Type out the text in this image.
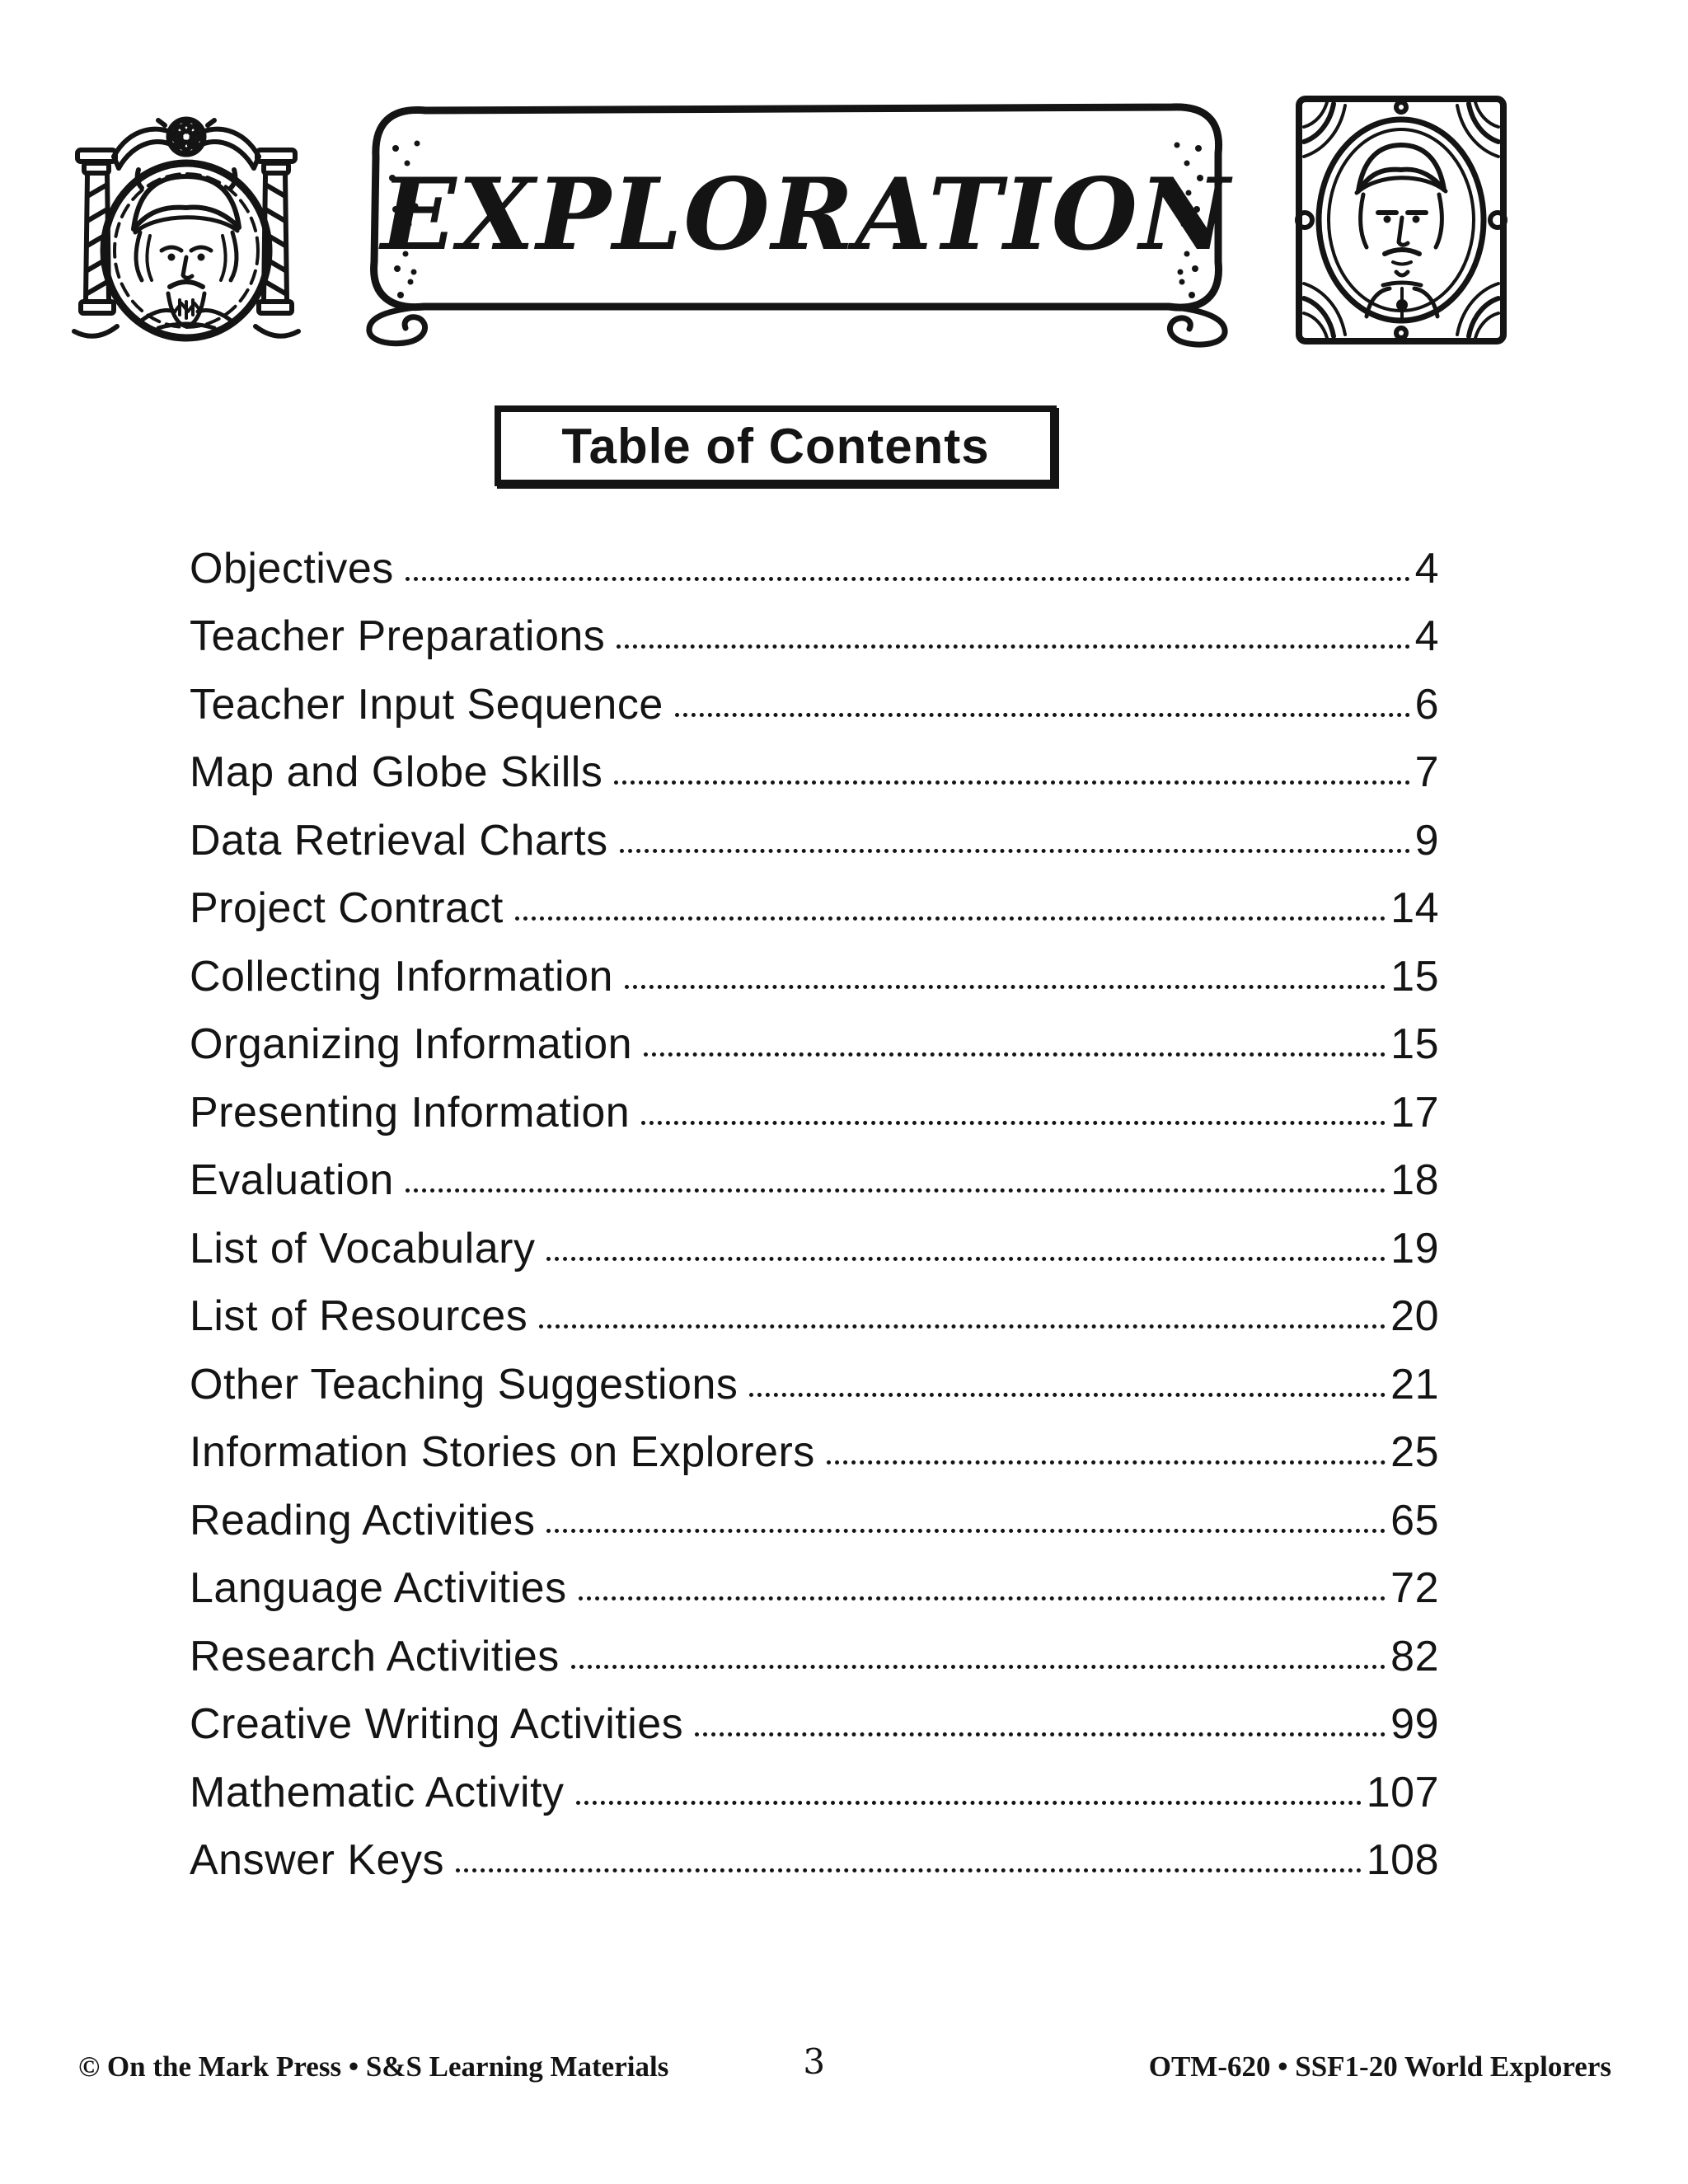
EXPLORATION
Table of Contents
Objectives	4
Teacher Preparations	4
Teacher Input Sequence	6
Map and Globe Skills	7
Data Retrieval Charts	9
Project Contract	14
Collecting Information	15
Organizing Information	15
Presenting Information	17
Evaluation	18
List of Vocabulary	19
List of Resources	20
Other Teaching Suggestions	21
Information Stories on Explorers	25
Reading Activities	65
Language Activities	72
Research Activities	82
Creative Writing Activities	99
Mathematic Activity	107
Answer Keys	108
© On the Mark Press • S&S Learning Materials	3	OTM-620 • SSF1-20 World Explorers
